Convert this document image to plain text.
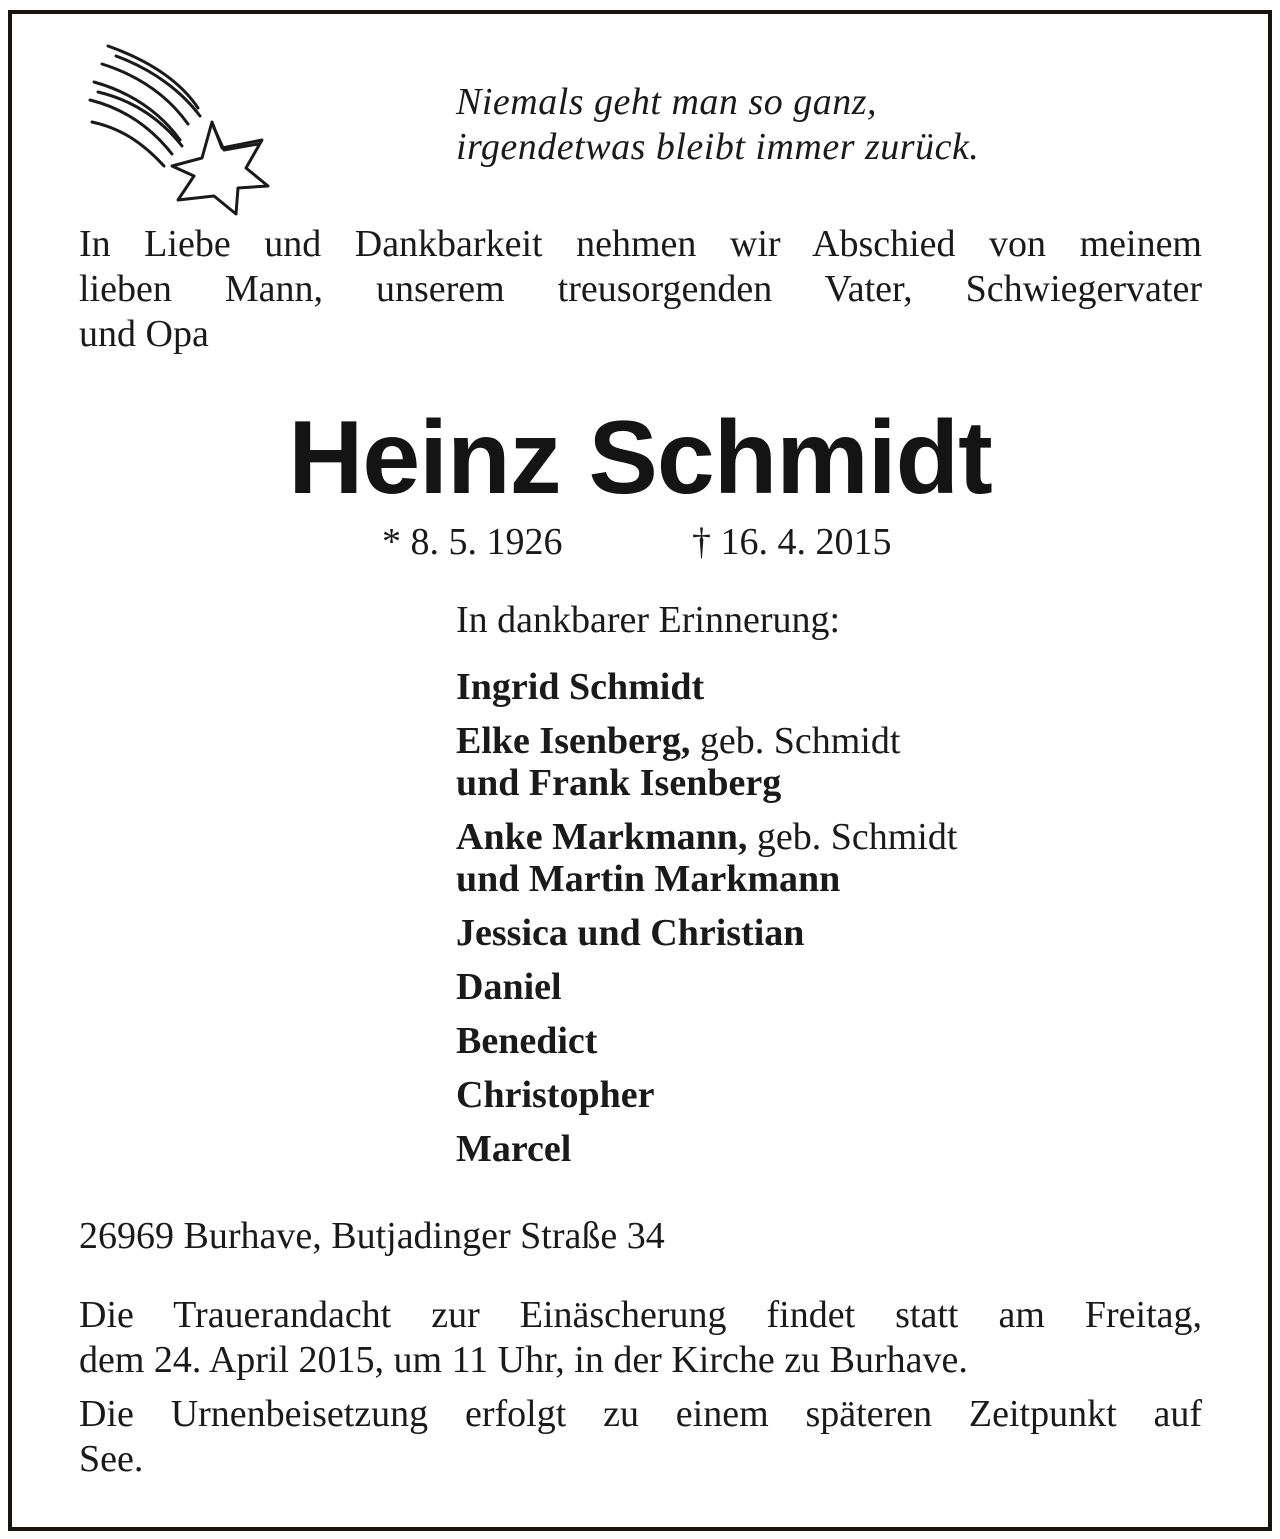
Niemals geht man so ganz,
irgendetwas bleibt immer zurück.
In Liebe und Dankbarkeit nehmen wir Abschied von meinem
lieben Mann, unserem treusorgenden Vater, Schwiegervater
und Opa
Heinz Schmidt
* 8. 5. 1926	† 16. 4. 2015
In dankbarer Erinnerung:
Ingrid Schmidt
Elke Isenberg, geb. Schmidt
und Frank Isenberg
Anke Markmann, geb. Schmidt
und Martin Markmann
Jessica und Christian
Daniel
Benedict
Christopher
Marcel
26969 Burhave, Butjadinger Straße 34
Die Trauerandacht zur Einäscherung findet statt am Freitag,
dem 24. April 2015, um 11 Uhr, in der Kirche zu Burhave.
Die Urnenbeisetzung erfolgt zu einem späteren Zeitpunkt auf
See.
